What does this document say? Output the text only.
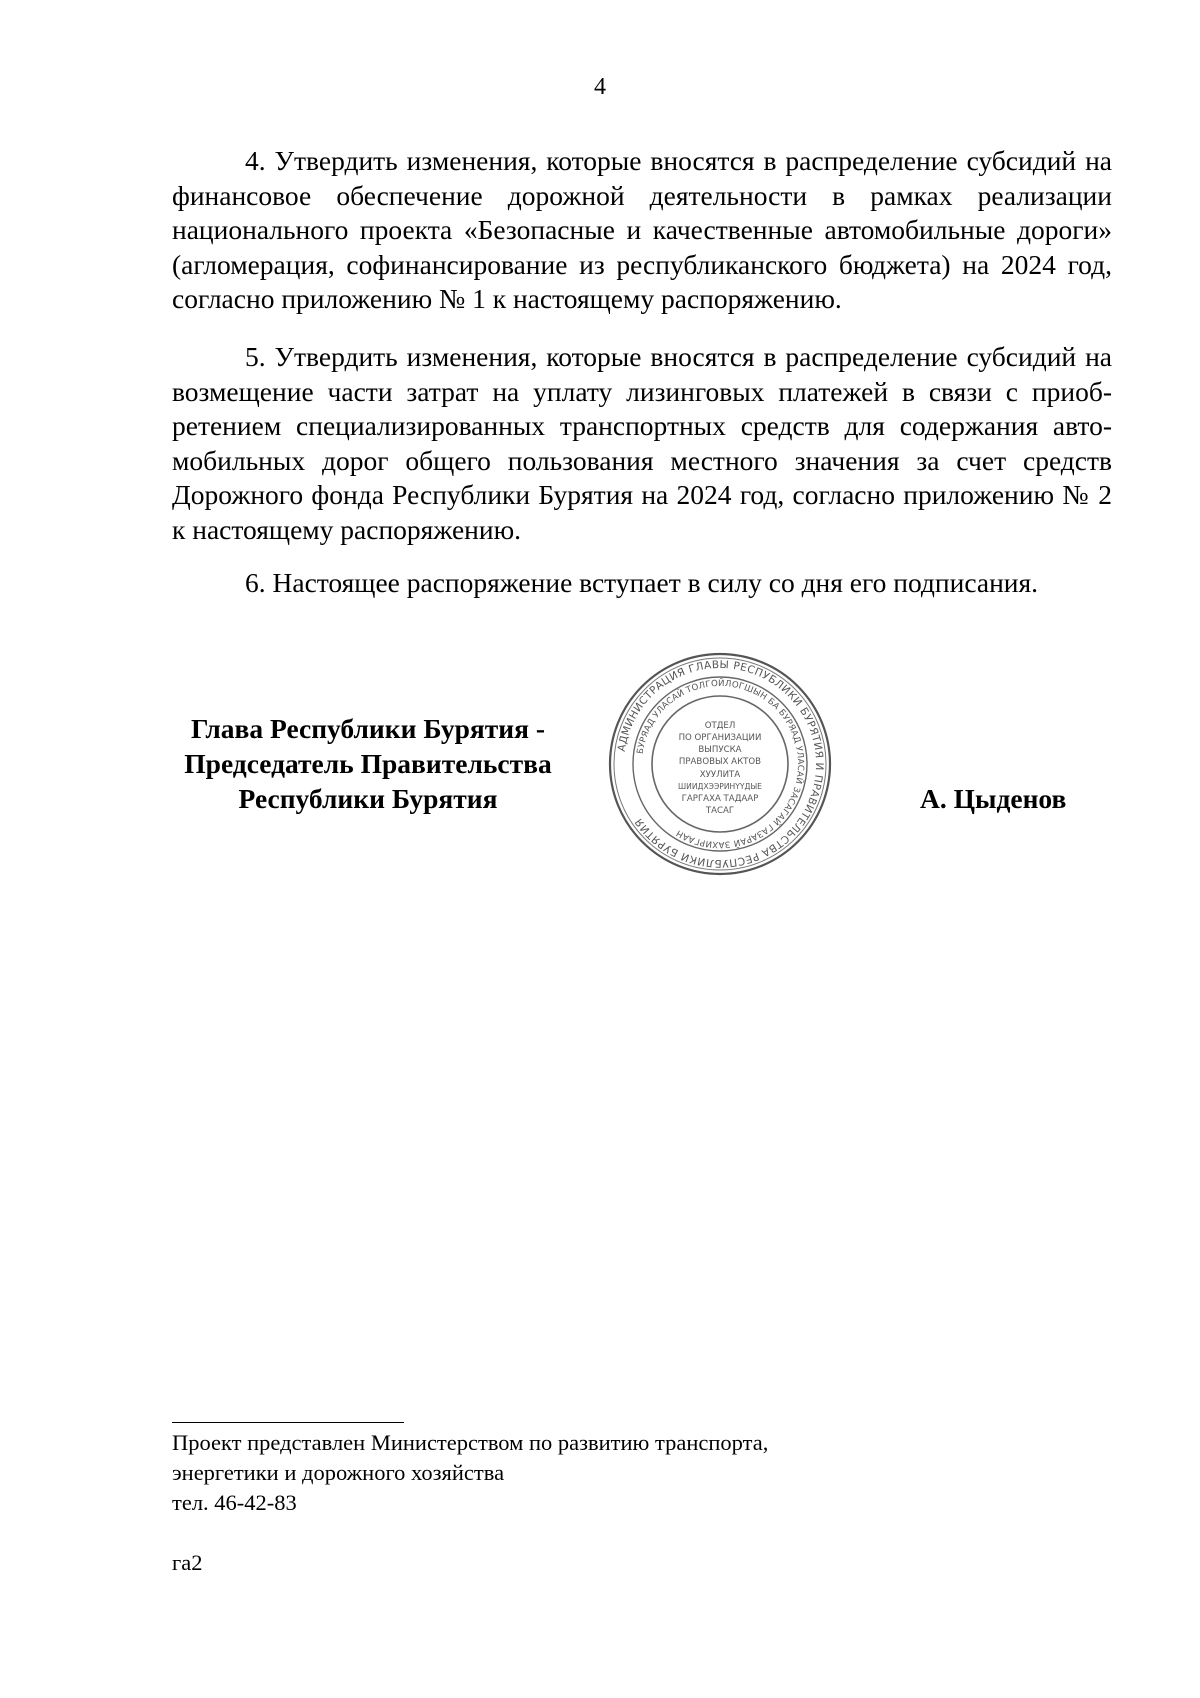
4
4. Утвердить изменения, которые вносятся в распределение субсидий на финансовое обеспечение дорожной деятельности в рамках реализации национального проекта «Безопасные и качественные автомобильные дороги» (агломерация, софинансирование из республиканского бюджета) на 2024 год, согласно приложению № 1 к настоящему распоряжению.
5. Утвердить изменения, которые вносятся в распределение субсидий на возмещение части затрат на уплату лизинговых платежей в связи с приоб-ретением специализированных транспортных средств для содержания авто-мобильных дорог общего пользования местного значения за счет средств Дорожного фонда Республики Бурятия на 2024 год, согласно приложению № 2 к настоящему распоряжению.
6. Настоящее распоряжение вступает в силу со дня его подписания.
Глава Республики Бурятия -
Председатель Правительства
Республики Бурятия
АДМИНИСТРАЦИЯ ГЛАВЫ РЕСПУБЛИКИ БУРЯТИЯ И ПРАВИТЕЛЬСТВА РЕСПУБЛИКИ БУРЯТИЯ
БУРЯАД УЛАСАЙ ТОЛГОЙЛОГШЫН БА БУРЯАД УЛАСАЙ ЗАСАГАЙ ГАЗАРАЙ ЗАХИРГААН
ОТДЕЛ
ПО ОРГАНИЗАЦИИ
ВЫПУСКА
ПРАВОВЫХ АКТОВ
ХУУЛИТА
ШИИДХЭЭРИНҮҮДЫЕ
ГАРГАХА ТАДААР
ТАСАГ	А. Цыденов
Проект представлен Министерством по развитию транспорта,
энергетики и дорожного хозяйства
тел. 46-42-83
га2
